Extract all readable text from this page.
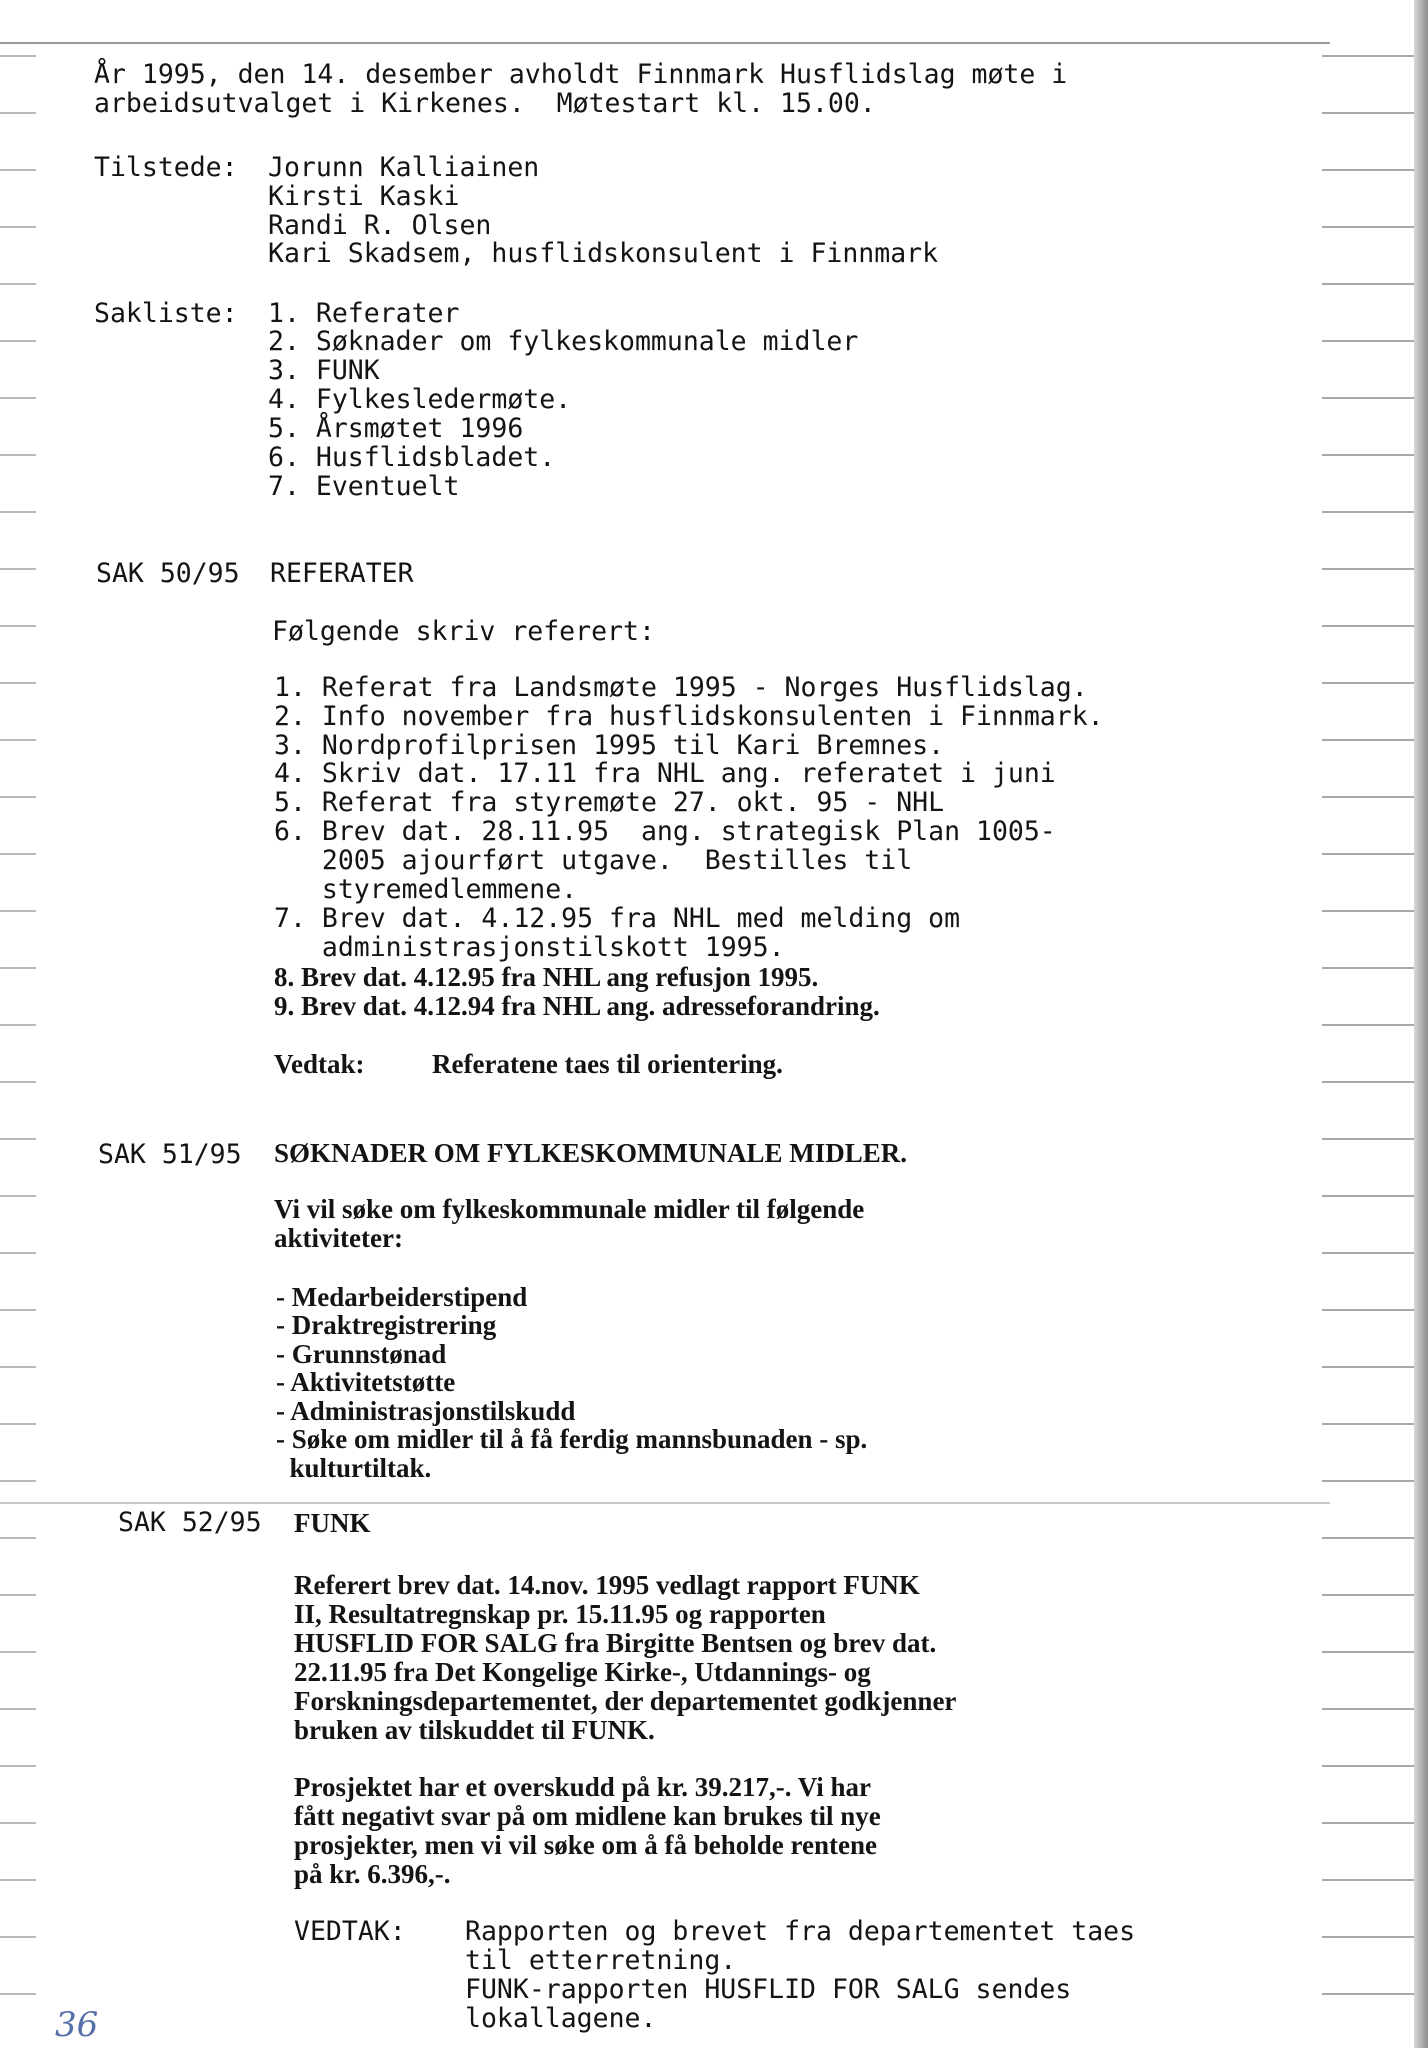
År 1995, den 14. desember avholdt Finnmark Husflidslag møte i
arbeidsutvalget i Kirkenes.  Møtestart kl. 15.00.
Tilstede: Jorunn Kalliainen
Kirsti Kaski
Randi R. Olsen
Kari Skadsem, husflidskonsulent i Finnmark
Sakliste: 1. Referater
2. Søknader om fylkeskommunale midler
3. FUNK
4. Fylkesledermøte.
5. Årsmøtet 1996
6. Husflidsbladet.
7. Eventuelt
SAK 50/95 REFERATER
Følgende skriv referert:
1. Referat fra Landsmøte 1995 - Norges Husflidslag.
2. Info november fra husflidskonsulenten i Finnmark.
3. Nordprofilprisen 1995 til Kari Bremnes.
4. Skriv dat. 17.11 fra NHL ang. referatet i juni
5. Referat fra styremøte 27. okt. 95 - NHL
6. Brev dat. 28.11.95  ang. strategisk Plan 1005-
2005 ajourført utgave.  Bestilles til
styremedlemmene.
7. Brev dat. 4.12.95 fra NHL med melding om
administrasjonstilskott 1995.
8. Brev dat. 4.12.95 fra NHL ang refusjon 1995.
9. Brev dat. 4.12.94 fra NHL ang. adresseforandring.
Vedtak: Referatene taes til orientering.
SAK 51/95 SØKNADER OM FYLKESKOMMUNALE MIDLER.
Vi vil søke om fylkeskommunale midler til følgende
aktiviteter:
- Medarbeiderstipend
- Draktregistrering
- Grunnstønad
- Aktivitetstøtte
- Administrasjonstilskudd
- Søke om midler til å få ferdig mannsbunaden - sp.
kulturtiltak.
SAK 52/95 FUNK
Referert brev dat. 14.nov. 1995 vedlagt rapport FUNK
II, Resultatregnskap pr. 15.11.95 og rapporten
HUSFLID FOR SALG fra Birgitte Bentsen og brev dat.
22.11.95 fra Det Kongelige Kirke-, Utdannings- og
Forskningsdepartementet, der departementet godkjenner
bruken av tilskuddet til FUNK.
Prosjektet har et overskudd på kr. 39.217,-. Vi har
fått negativt svar på om midlene kan brukes til nye
prosjekter, men vi vil søke om å få beholde rentene
på kr. 6.396,-.
VEDTAK: Rapporten og brevet fra departementet taes
til etterretning.
FUNK-rapporten HUSFLID FOR SALG sendes
lokallagene.
36
